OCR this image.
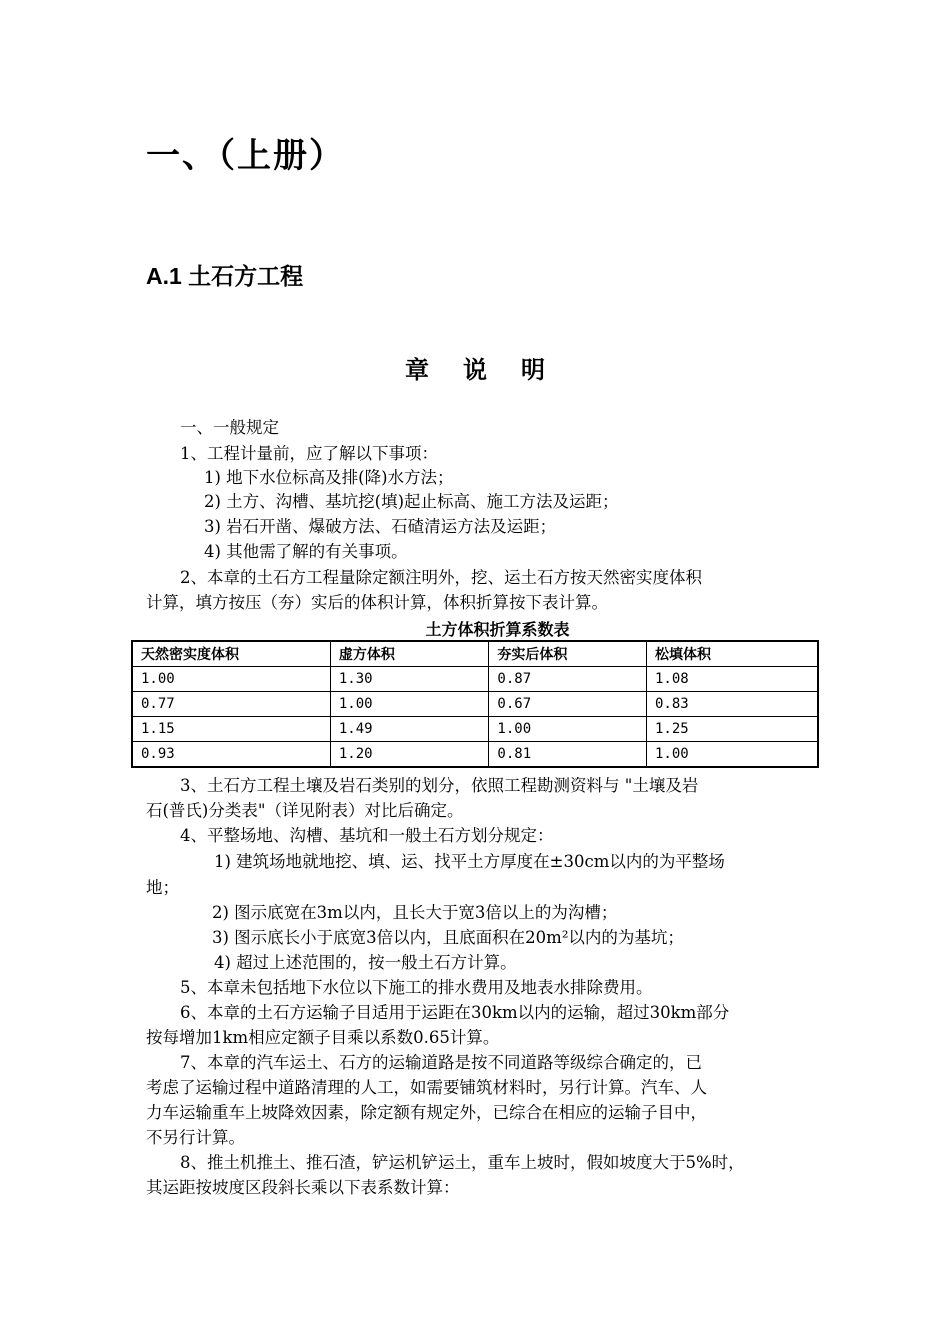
一、（上册）
A.1 土石方工程
章说明
一、一般规定
1、工程计量前，应了解以下事项：
1) 地下水位标高及排(降)水方法；
2) 土方、沟槽、基坑挖(填)起止标高、施工方法及运距；
3) 岩石开凿、爆破方法、石碴清运方法及运距；
4) 其他需了解的有关事项。
2、本章的土石方工程量除定额注明外，挖、运土石方按天然密实度体积
计算，填方按压（夯）实后的体积计算，体积折算按下表计算。
土方体积折算系数表
天然密实度体积	虚方体积	夯实后体积	松填体积
1.00	1.30	0.87	1.08
0.77	1.00	0.67	0.83
1.15	1.49	1.00	1.25
0.93	1.20	0.81	1.00
3、土石方工程土壤及岩石类别的划分，依照工程勘测资料与 "土壤及岩
石(普氏)分类表"（详见附表）对比后确定。
4、平整场地、沟槽、基坑和一般土石方划分规定：
1) 建筑场地就地挖、填、运、找平土方厚度在±30cm以内的为平整场
地；
2) 图示底宽在3m以内，且长大于宽3倍以上的为沟槽；
3) 图示底长小于底宽3倍以内，且底面积在20m²以内的为基坑；
4) 超过上述范围的，按一般土石方计算。
5、本章未包括地下水位以下施工的排水费用及地表水排除费用。
6、本章的土石方运输子目适用于运距在30km以内的运输，超过30km部分
按每增加1km相应定额子目乘以系数0.65计算。
7、本章的汽车运土、石方的运输道路是按不同道路等级综合确定的，已
考虑了运输过程中道路清理的人工，如需要铺筑材料时，另行计算。汽车、人
力车运输重车上坡降效因素，除定额有规定外，已综合在相应的运输子目中，
不另行计算。
8、推土机推土、推石渣，铲运机铲运土，重车上坡时，假如坡度大于5%时，
其运距按坡度区段斜长乘以下表系数计算：
